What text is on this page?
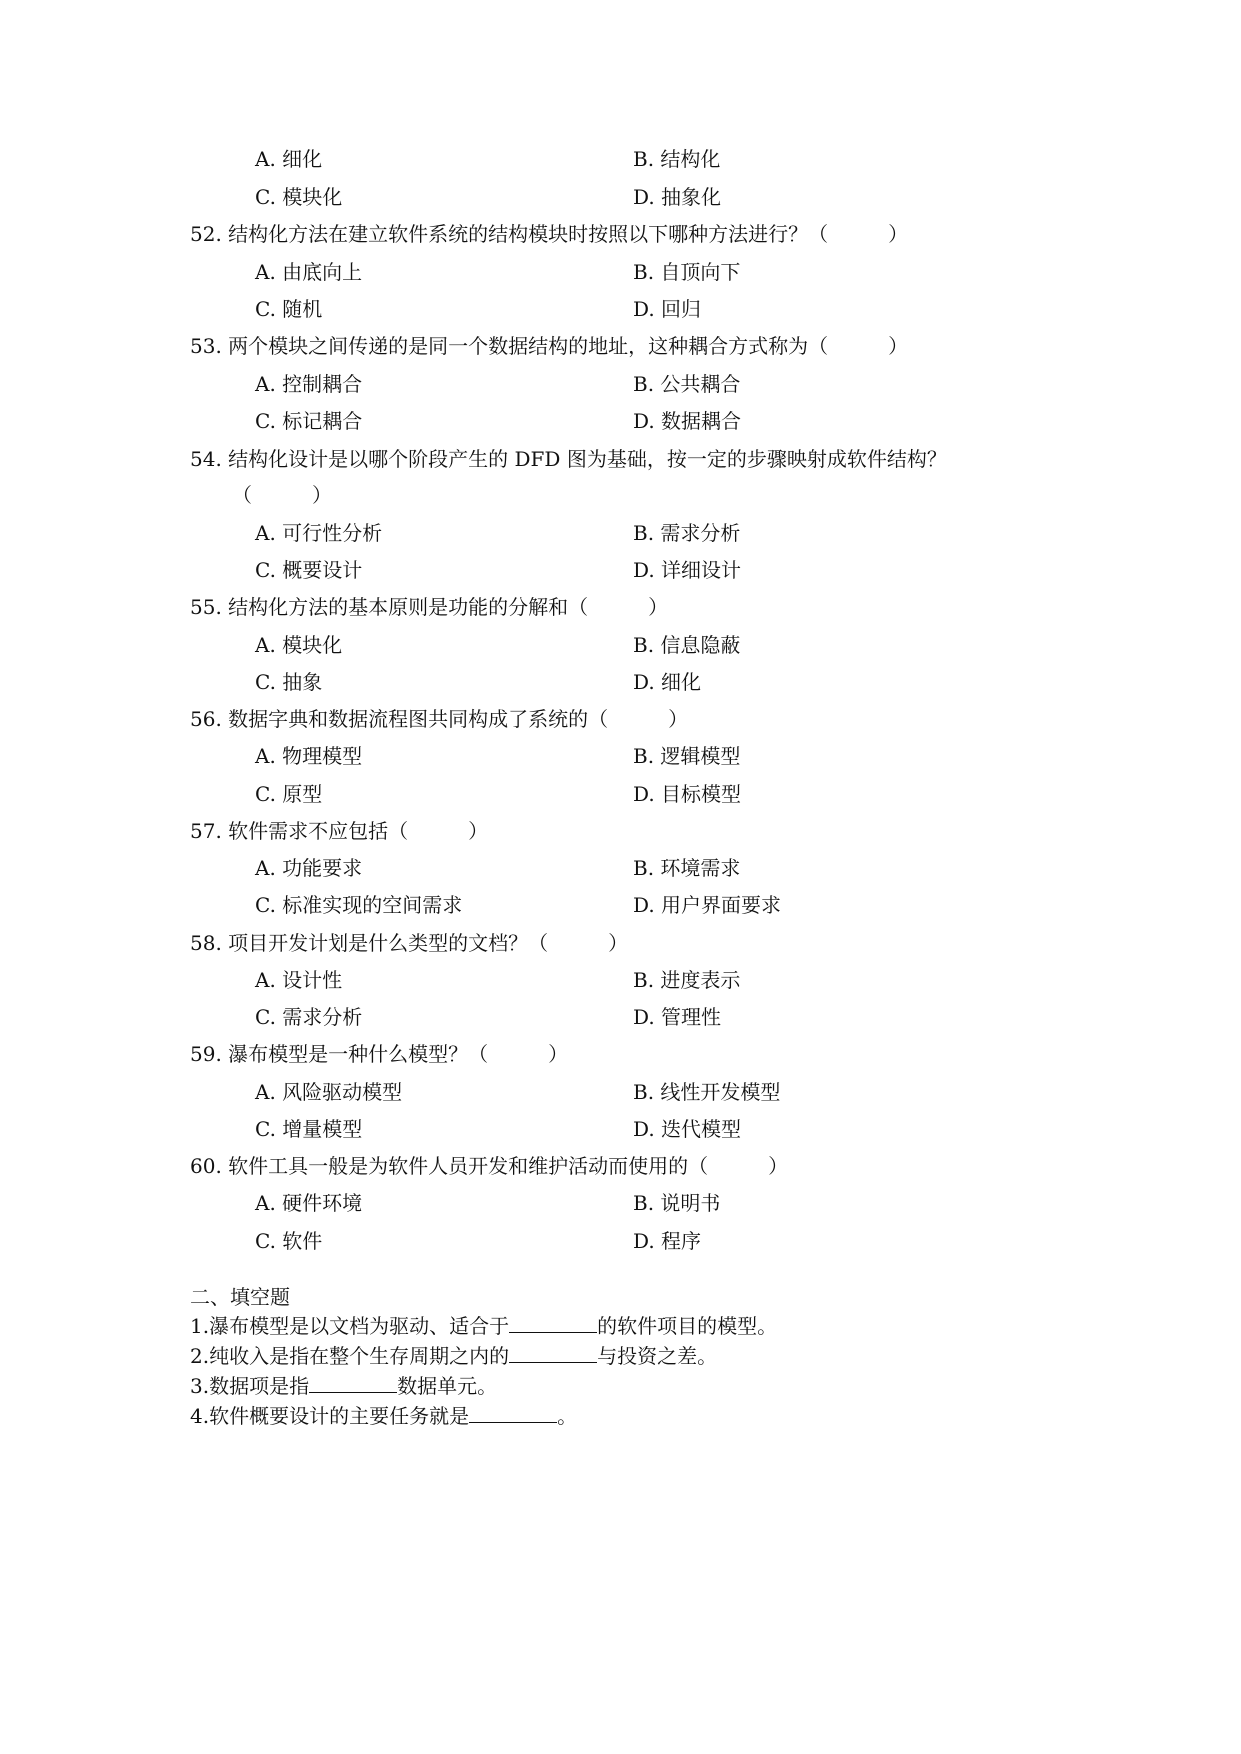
A. 细化	B. 结构化
C. 模块化	D. 抽象化
52. 结构化方法在建立软件系统的结构模块时按照以下哪种方法进行？（　　　）
A. 由底向上	B. 自顶向下
C. 随机	D. 回归
53. 两个模块之间传递的是同一个数据结构的地址，这种耦合方式称为（　　　）
A. 控制耦合	B. 公共耦合
C. 标记耦合	D. 数据耦合
54. 结构化设计是以哪个阶段产生的 DFD 图为基础，按一定的步骤映射成软件结构？
（　　　）
A. 可行性分析	B. 需求分析
C. 概要设计	D. 详细设计
55. 结构化方法的基本原则是功能的分解和（　　　）
A. 模块化	B. 信息隐蔽
C. 抽象	D. 细化
56. 数据字典和数据流程图共同构成了系统的（　　　）
A. 物理模型	B. 逻辑模型
C. 原型	D. 目标模型
57. 软件需求不应包括（　　　）
A. 功能要求	B. 环境需求
C. 标准实现的空间需求	D. 用户界面要求
58. 项目开发计划是什么类型的文档？（　　　）
A. 设计性	B. 进度表示
C. 需求分析	D. 管理性
59. 瀑布模型是一种什么模型？（　　　）
A. 风险驱动模型	B. 线性开发模型
C. 增量模型	D. 迭代模型
60. 软件工具一般是为软件人员开发和维护活动而使用的（　　　）
A. 硬件环境	B. 说明书
C. 软件	D. 程序
二、填空题
1.瀑布模型是以文档为驱动、适合于	的软件项目的模型。
2.纯收入是指在整个生存周期之内的	与投资之差。
3.数据项是指	数据单元。
4.软件概要设计的主要任务就是	。
